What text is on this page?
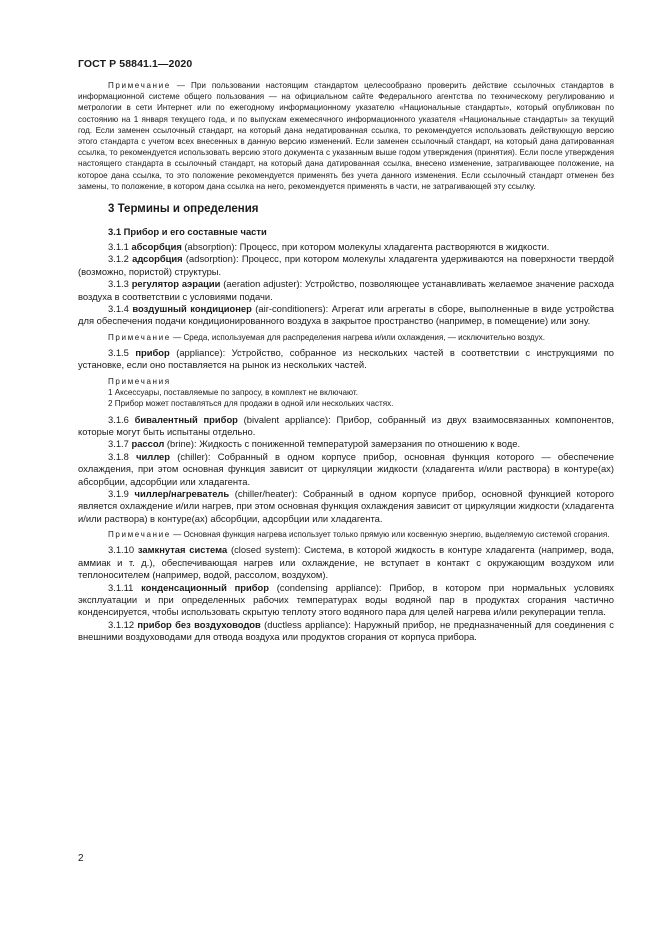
ГОСТ Р 58841.1—2020

Примечание — При пользовании настоящим стандартом целесообразно проверить действие ссылочных стандартов в информационной системе общего пользования — на официальном сайте Федерального агентства по техническому регулированию и метрологии в сети Интернет или по ежегодному информационному указателю «Национальные стандарты», который опубликован по состоянию на 1 января текущего года, и по выпускам ежемесячного информационного указателя «Национальные стандарты» за текущий год. Если заменен ссылочный стандарт, на который дана недатированная ссылка, то рекомендуется использовать действующую версию этого стандарта с учетом всех внесенных в данную версию изменений. Если заменен ссылочный стандарт, на который дана датированная ссылка, то рекомендуется использовать версию этого документа с указанным выше годом утверждения (принятия). Если после утверждения настоящего стандарта в ссылочный стандарт, на который дана датированная ссылка, внесено изменение, затрагивающее положение, на которое дана ссылка, то это положение рекомендуется применять без учета данного изменения. Если ссылочный стандарт отменен без замены, то положение, в котором дана ссылка на него, рекомендуется применять в части, не затрагивающей эту ссылку.

3 Термины и определения
3.1 Прибор и его составные части

3.1.1 абсорбция (absorption): Процесс, при котором молекулы хладагента растворяются в жидкости.

3.1.2 адсорбция (adsorption): Процесс, при котором молекулы хладагента удерживаются на поверхности твердой (возможно, пористой) структуры.

3.1.3 регулятор аэрации (aeration adjuster): Устройство, позволяющее устанавливать желаемое значение расхода воздуха в соответствии с условиями подачи.

3.1.4 воздушный кондиционер (air-conditioners): Агрегат или агрегаты в сборе, выполненные в виде устройства для обеспечения подачи кондиционированного воздуха в закрытое пространство (например, в помещение) или зону.

Примечание — Среда, используемая для распределения нагрева и/или охлаждения, — исключительно воздух.

3.1.5 прибор (appliance): Устройство, собранное из нескольких частей в соответствии с инструкциями по установке, если оно поставляется на рынок из нескольких частей.

Примечания
1 Аксессуары, поставляемые по запросу, в комплект не включают.
2 Прибор может поставляться для продажи в одной или нескольких частях.

3.1.6 бивалентный прибор (bivalent appliance): Прибор, собранный из двух взаимосвязанных компонентов, которые могут быть испытаны отдельно.

3.1.7 рассол (brine): Жидкость с пониженной температурой замерзания по отношению к воде.

3.1.8 чиллер (chiller): Собранный в одном корпусе прибор, основная функция которого — обеспечение охлаждения, при этом основная функция зависит от циркуляции жидкости (хладагента и/или раствора) в контуре(ах) абсорбции, адсорбции или хладагента.

3.1.9 чиллер/нагреватель (chiller/heater): Собранный в одном корпусе прибор, основной функцией которого является охлаждение и/или нагрев, при этом основная функция охлаждения зависит от циркуляции жидкости (хладагента и/или раствора) в контуре(ах) абсорбции, адсорбции или хладагента.

Примечание — Основная функция нагрева использует только прямую или косвенную энергию, выделяемую системой сгорания.

3.1.10 замкнутая система (closed system): Система, в которой жидкость в контуре хладагента (например, вода, аммиак и т. д.), обеспечивающая нагрев или охлаждение, не вступает в контакт с окружающим воздухом или теплоносителем (например, водой, рассолом, воздухом).

3.1.11 конденсационный прибор (condensing appliance): Прибор, в котором при нормальных условиях эксплуатации и при определенных рабочих температурах воды водяной пар в продуктах сгорания частично конденсируется, чтобы использовать скрытую теплоту этого водяного пара для целей нагрева и/или рекуперации тепла.

3.1.12 прибор без воздуховодов (ductless appliance): Наружный прибор, не предназначенный для соединения с внешними воздуховодами для отвода воздуха или продуктов сгорания от корпуса прибора.

2
